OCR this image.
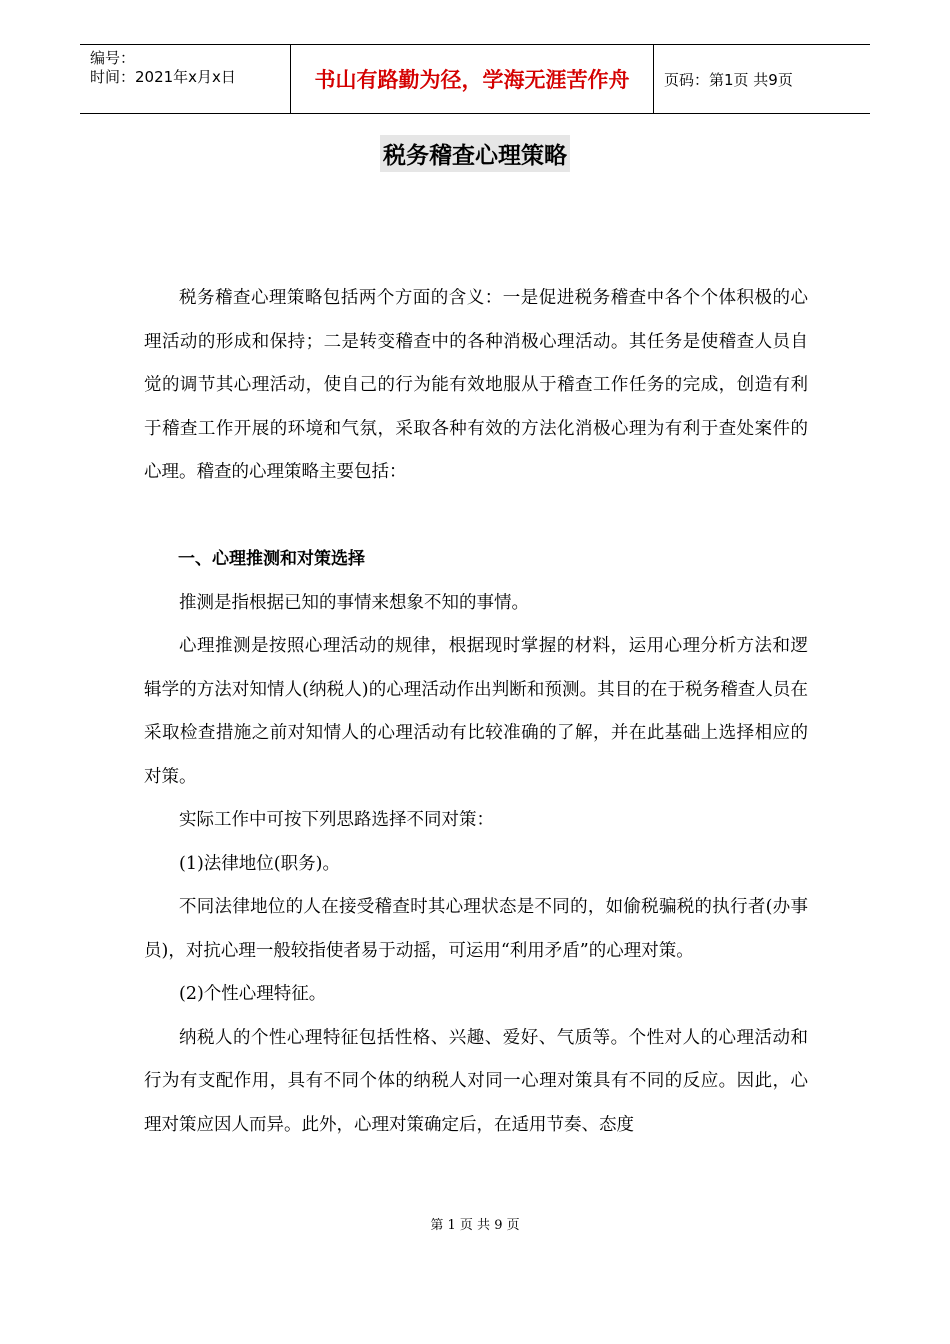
编号：
时间：2021年x月x日	书山有路勤为径，学海无涯苦作舟	页码：第1页 共9页
税务稽查心理策略

税务稽查心理策略包括两个方面的含义：一是促进税务稽查中各个个体积极的心理活动的形成和保持；二是转变稽查中的各种消极心理活动。其任务是使稽查人员自觉的调节其心理活动，使自己的行为能有效地服从于稽查工作任务的完成，创造有利于稽查工作开展的环境和气氛，采取各种有效的方法化消极心理为有利于查处案件的心理。稽查的心理策略主要包括：

一、心理推测和对策选择

推测是指根据已知的事情来想象不知的事情。

心理推测是按照心理活动的规律，根据现时掌握的材料，运用心理分析方法和逻辑学的方法对知情人(纳税人)的心理活动作出判断和预测。其目的在于税务稽查人员在采取检查措施之前对知情人的心理活动有比较准确的了解，并在此基础上选择相应的对策。

实际工作中可按下列思路选择不同对策：

(1)法律地位(职务)。

不同法律地位的人在接受稽查时其心理状态是不同的，如偷税骗税的执行者(办事员)，对抗心理一般较指使者易于动摇，可运用“利用矛盾”的心理对策。

(2)个性心理特征。

纳税人的个性心理特征包括性格、兴趣、爱好、气质等。个性对人的心理活动和行为有支配作用，具有不同个体的纳税人对同一心理对策具有不同的反应。因此，心理对策应因人而异。此外，心理对策确定后，在适用节奏、态度

第 1 页 共 9 页
